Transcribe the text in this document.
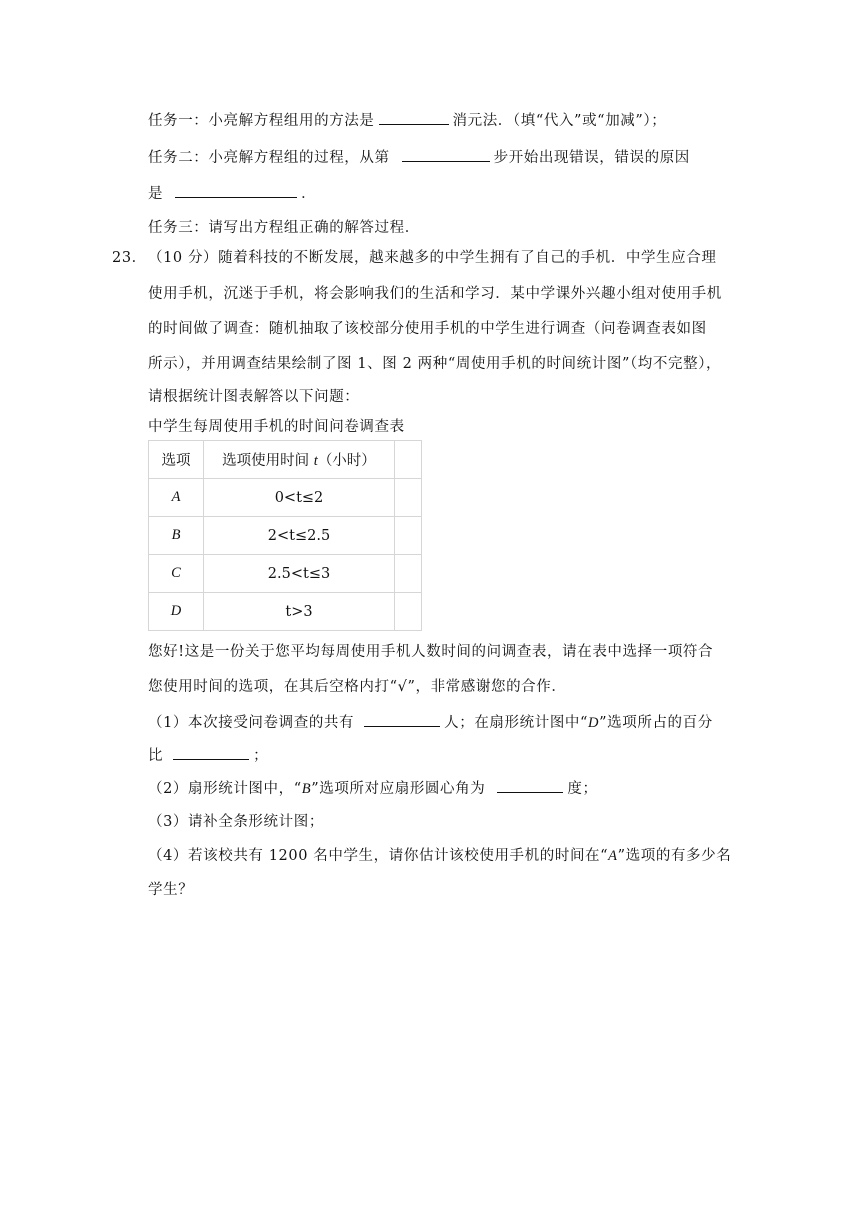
任务一：小亮解方程组用的方法是	消元法．（填“代入”或“加减”）；
任务二：小亮解方程组的过程，从第	步开始出现错误，错误的原因
是	．
任务三：请写出方程组正确的解答过程．
23． （10 分）随着科技的不断发展，越来越多的中学生拥有了自己的手机．中学生应合理
使用手机，沉迷于手机，将会影响我们的生活和学习．某中学课外兴趣小组对使用手机
的时间做了调查：随机抽取了该校部分使用手机的中学生进行调查（问卷调查表如图
所示），并用调查结果绘制了图 1、图 2 两种“周使用手机的时间统计图”（均不完整），
请根据统计图表解答以下问题：
中学生每周使用手机的时间问卷调查表
选项	选项使用时间 t（小时）	
A	0<t≤2	
B	2<t≤2.5	
C	2.5<t≤3	
D	t>3	
您好!这是一份关于您平均每周使用手机人数时间的问调查表，请在表中选择一项符合
您使用时间的选项，在其后空格内打“√”，非常感谢您的合作．
（1）本次接受问卷调查的共有	人；在扇形统计图中“D”选项所占的百分
比	；
（2）扇形统计图中，“B”选项所对应扇形圆心角为	度；
（3）请补全条形统计图；
（4）若该校共有 1200 名中学生，请你估计该校使用手机的时间在“A”选项的有多少名
学生？
